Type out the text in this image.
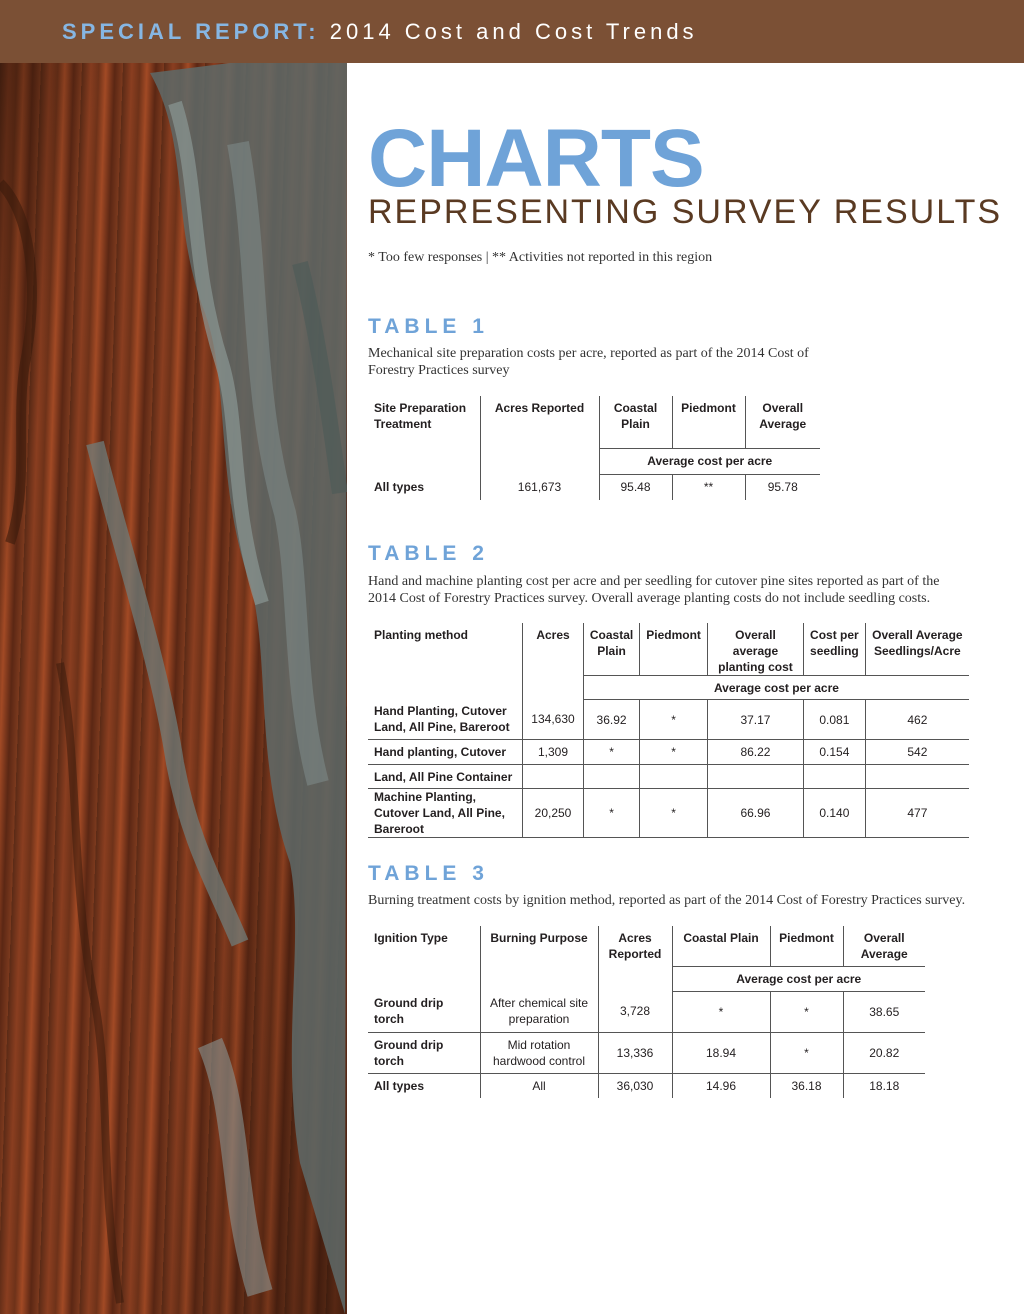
SPECIAL REPORT: 2014 Cost and Cost Trends
CHARTS
REPRESENTING SURVEY RESULTS
* Too few responses | ** Activities not reported in this region
TABLE 1
Mechanical site preparation costs per acre, reported as part of the 2014 Cost of Forestry Practices survey
Site Preparation Treatment	Acres Reported	Coastal Plain	Piedmont	Overall Average
		Average cost per acre		
All types	161,673	95.48	**	95.78
TABLE 2
Hand and machine planting cost per acre and per seedling for cutover pine sites reported as part of the 2014 Cost of Forestry Practices survey. Overall average planting costs do not include seedling costs.
Planting method	Acres	Coastal Plain	Piedmont	Overall average planting cost	Cost per seedling	Overall Average Seedlings/Acre
		Average cost per acre				
Hand Planting, Cutover Land, All Pine, Bareroot	134,630	36.92	*	37.17	0.081	462
Hand planting, Cutover	1,309	*	*	86.22	0.154	542
Land, All Pine Container						
Machine Planting, Cutover Land, All Pine, Bareroot	20,250	*	*	66.96	0.140	477
TABLE 3
Burning treatment costs by ignition method, reported as part of the 2014 Cost of Forestry Practices survey.
Ignition Type	Burning Purpose	Acres Reported	Coastal Plain	Piedmont	Overall Average
			Average cost per acre		
Ground drip torch	After chemical site preparation	3,728	*	*	38.65
Ground drip torch	Mid rotation hardwood control	13,336	18.94	*	20.82
All types	All	36,030	14.96	36.18	18.18
